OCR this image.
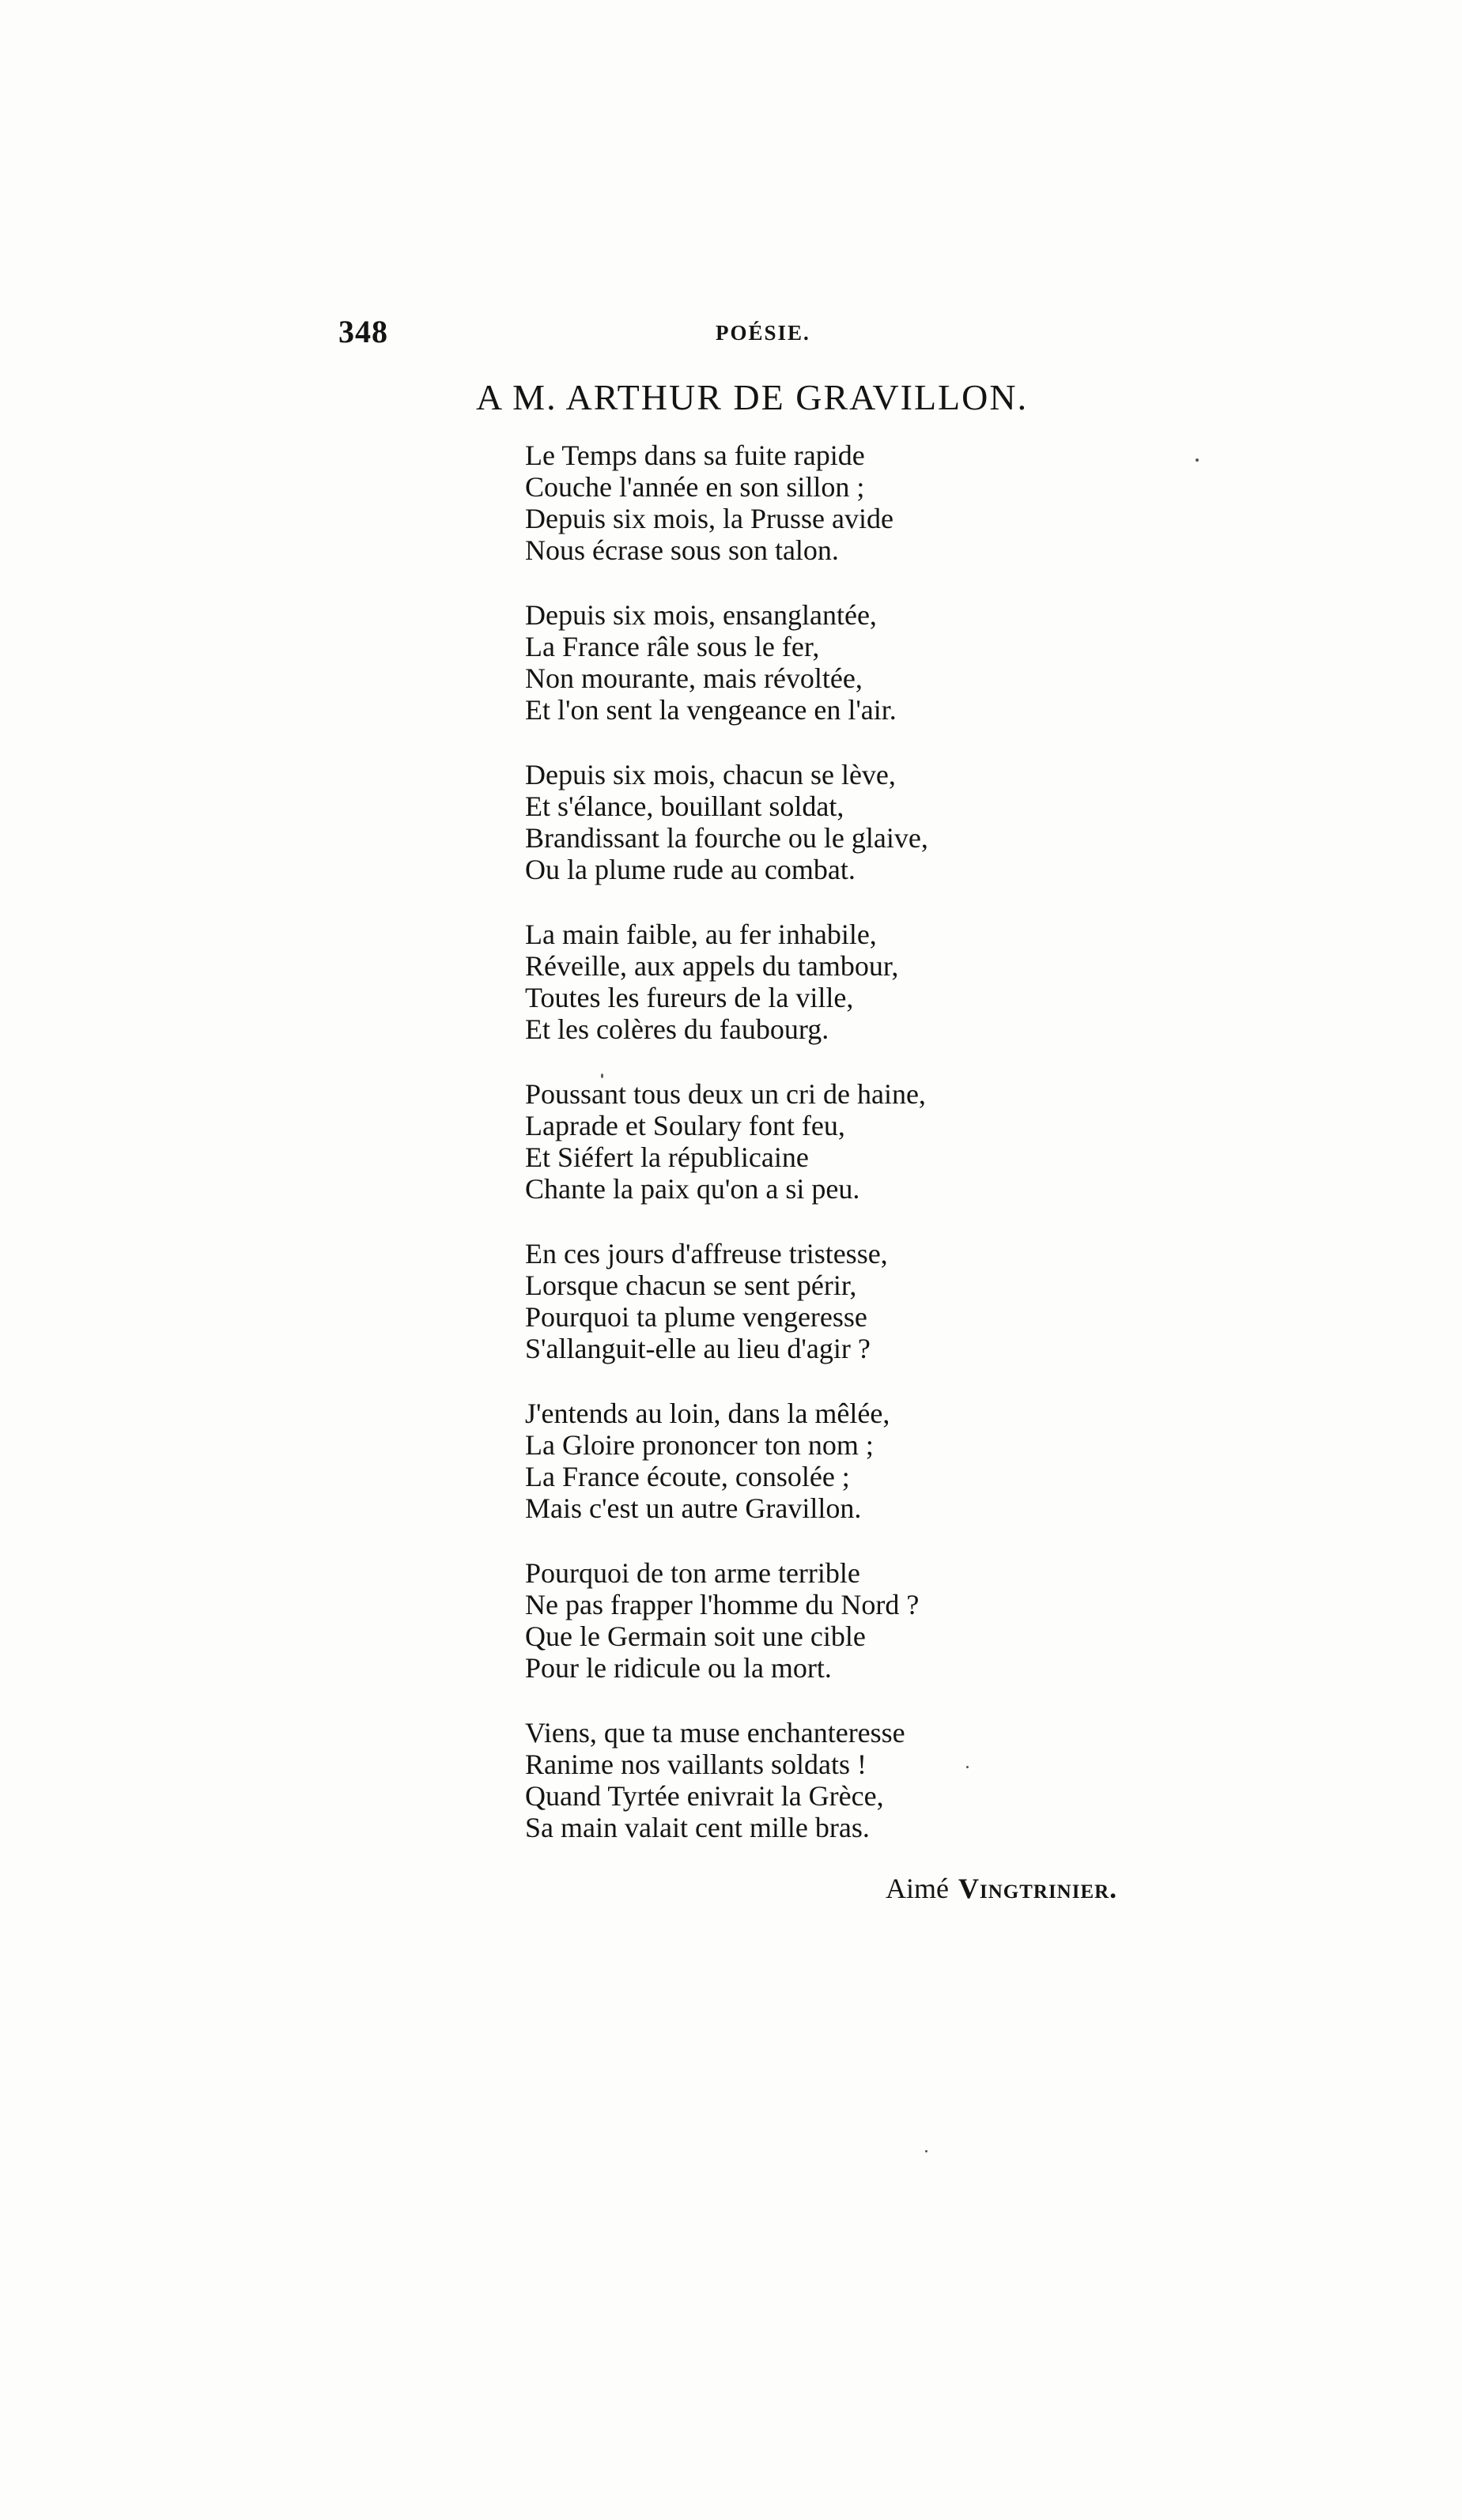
348	POÉSIE.
A M. ARTHUR DE GRAVILLON.
Le Temps dans sa fuite rapide
Couche l'année en son sillon ;
Depuis six mois, la Prusse avide
Nous écrase sous son talon.
Depuis six mois, ensanglantée,
La France râle sous le fer,
Non mourante, mais révoltée,
Et l'on sent la vengeance en l'air.
Depuis six mois, chacun se lève,
Et s'élance, bouillant soldat,
Brandissant la fourche ou le glaive,
Ou la plume rude au combat.
La main faible, au fer inhabile,
Réveille, aux appels du tambour,
Toutes les fureurs de la ville,
Et les colères du faubourg.
Poussant tous deux un cri de haine,
Laprade et Soulary font feu,
Et Siéfert la républicaine
Chante la paix qu'on a si peu.
En ces jours d'affreuse tristesse,
Lorsque chacun se sent périr,
Pourquoi ta plume vengeresse
S'allanguit-elle au lieu d'agir ?
J'entends au loin, dans la mêlée,
La Gloire prononcer ton nom ;
La France écoute, consolée ;
Mais c'est un autre Gravillon.
Pourquoi de ton arme terrible
Ne pas frapper l'homme du Nord ?
Que le Germain soit une cible
Pour le ridicule ou la mort.
Viens, que ta muse enchanteresse
Ranime nos vaillants soldats !
Quand Tyrtée enivrait la Grèce,
Sa main valait cent mille bras.
Aimé Vingtrinier.
